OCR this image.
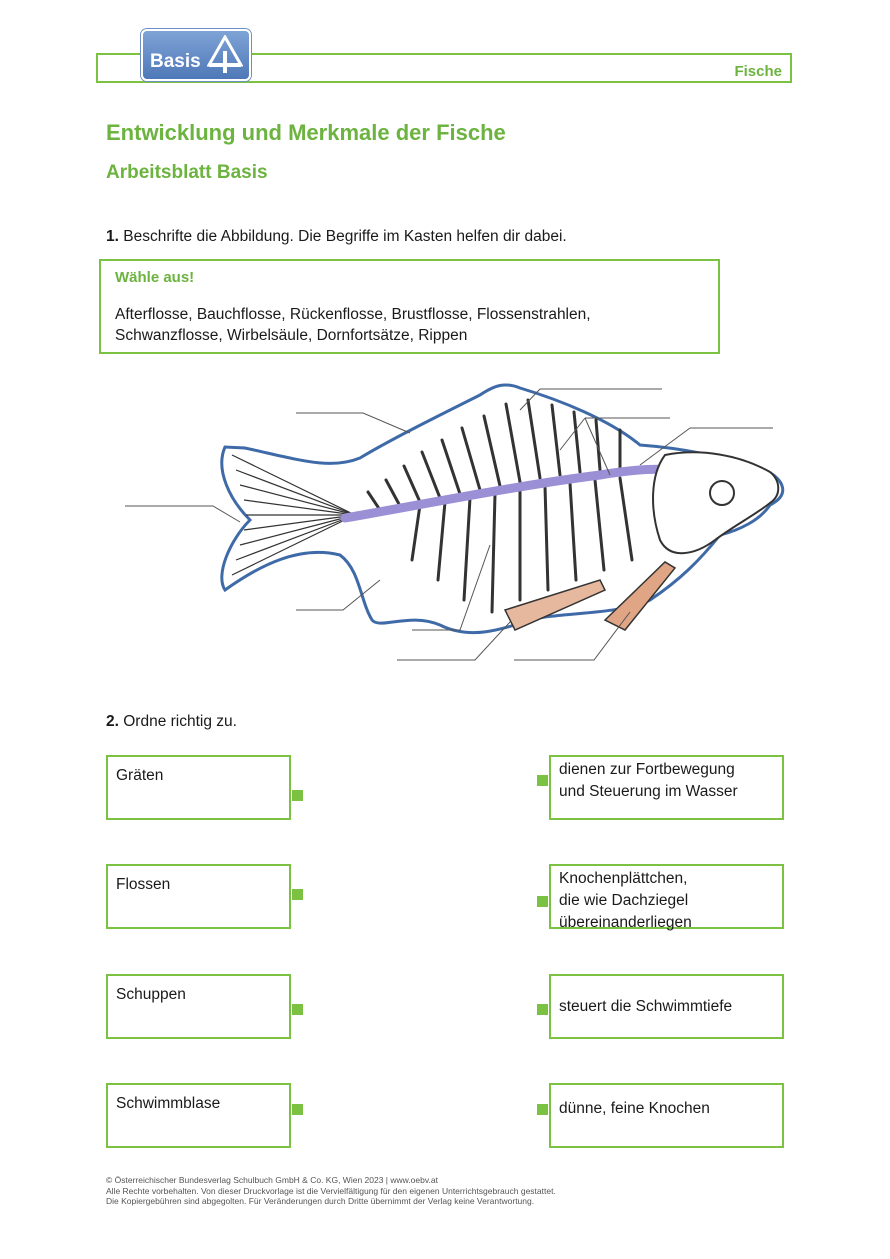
Fische
Basis
Entwicklung und Merkmale der Fische
Arbeitsblatt Basis
1. Beschrifte die Abbildung. Die Begriffe im Kasten helfen dir dabei.
Wähle aus!
Afterflosse, Bauchflosse, Rückenflosse, Brustflosse, Flossenstrahlen,
Schwanzflosse, Wirbelsäule, Dornfortsätze, Rippen
2. Ordne richtig zu.
Gräten
Flossen
Schuppen
Schwimmblase
dienen zur Fortbewegung
und Steuerung im Wasser
Knochenplättchen,
die wie Dachziegel
übereinanderliegen
steuert die Schwimmtiefe
dünne, feine Knochen
© Österreichischer Bundesverlag Schulbuch GmbH & Co. KG, Wien 2023 | www.oebv.at
Alle Rechte vorbehalten. Von dieser Druckvorlage ist die Vervielfältigung für den eigenen Unterrichtsgebrauch gestattet.
Die Kopiergebühren sind abgegolten. Für Veränderungen durch Dritte übernimmt der Verlag keine Verantwortung.
